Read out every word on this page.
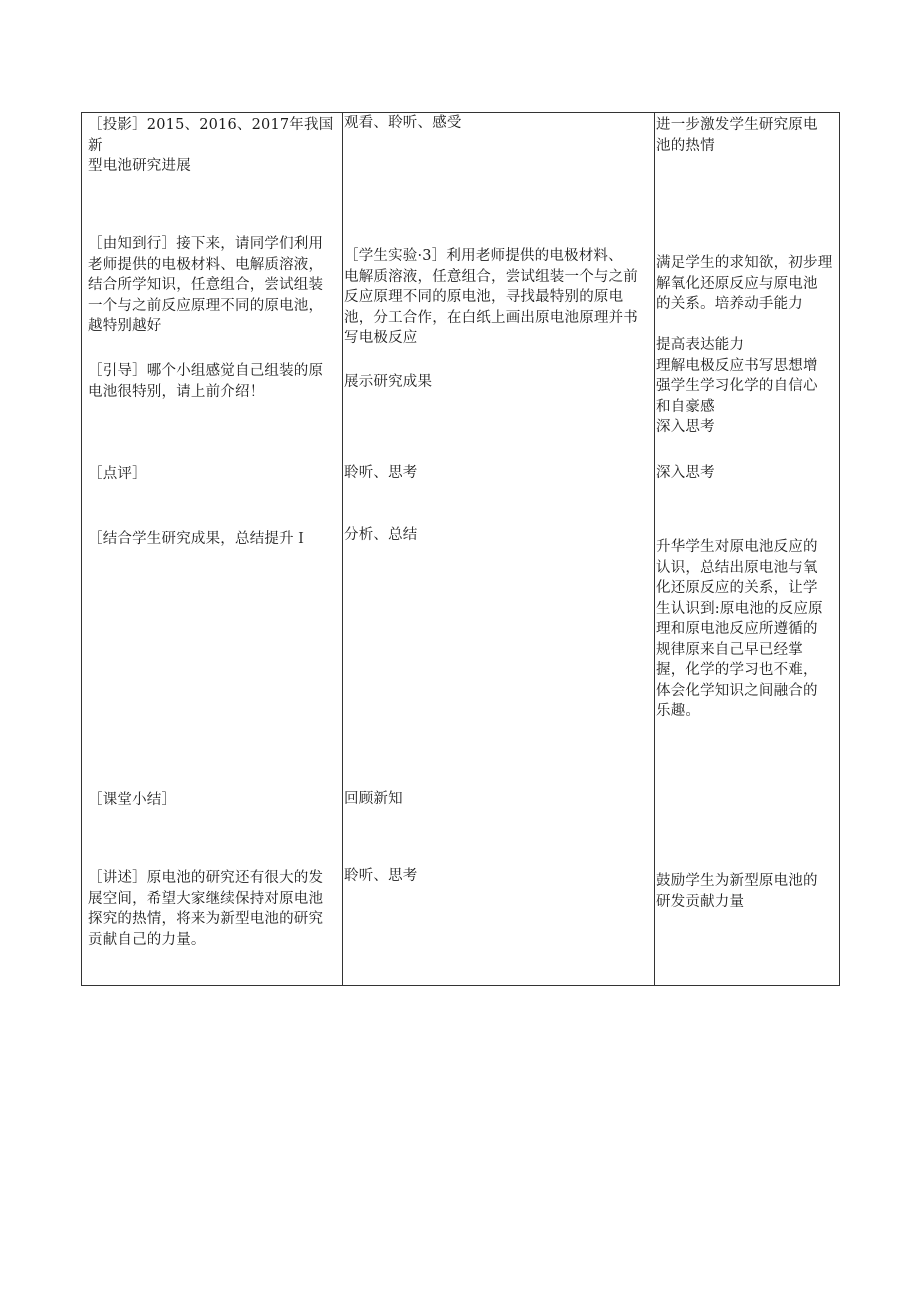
［投影］2015、2016、2017年我国新
型电池研究进展
［由知到行］接下来，请同学们利用
老师提供的电极材料、电解质溶液，
结合所学知识，任意组合，尝试组装
一个与之前反应原理不同的原电池，
越特别越好
［引导］哪个小组感觉自己组装的原
电池很特别，请上前介绍！
［点评］
［结合学生研究成果，总结提升Ｉ
［课堂小结］
［讲述］原电池的研究还有很大的发
展空间，希望大家继续保持对原电池
探究的热情，将来为新型电池的研究
贡献自己的力量。
观看、聆听、感受
［学生实验·3］利用老师提供的电极材料、
电解质溶液，任意组合，尝试组装一个与之前
反应原理不同的原电池，寻找最特别的原电
池，分工合作，在白纸上画出原电池原理并书
写电极反应
展示研究成果
聆听、思考
分析、总结
回顾新知
聆听、思考
进一步激发学生研究原电
池的热情
满足学生的求知欲，初步理
解氧化还原反应与原电池
的关系。培养动手能力
提高表达能力
理解电极反应书写思想增
强学生学习化学的自信心
和自豪感
深入思考
深入思考
升华学生对原电池反应的
认识，总结出原电池与氧
化还原反应的关系，让学
生认识到:原电池的反应原
理和原电池反应所遵循的
规律原来自己早已经掌
握，化学的学习也不难，
体会化学知识之间融合的
乐趣。
鼓励学生为新型原电池的
研发贡献力量
